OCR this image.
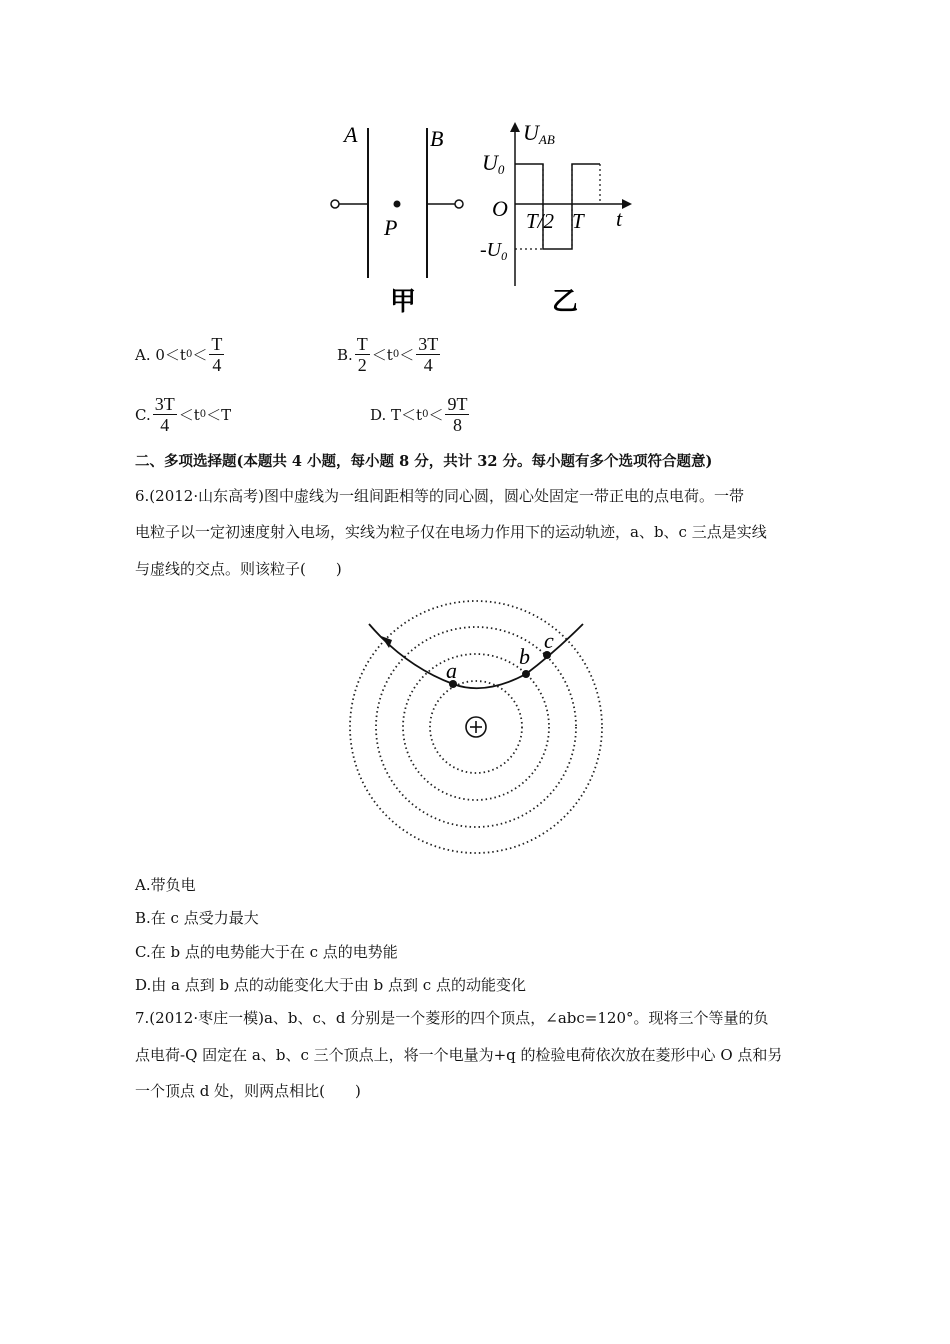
A	B
P
甲
UAB
U0
O T/2 T t
$-U_0$
乙
A. 0＜t $0 < \frac{T}{4}$	B. $\frac{T}{2} <t$ $0 < \frac{3T}{4}$
C. $\frac{3T}{4} <t$ 0 ＜T	D. T＜t $0 < \frac{9T}{8}$
二、多项选择题(本题共 4 小题，每小题 8 分，共计 32 分。每小题有多个选项符合题意)
6.(2012·山东高考)图中虚线为一组间距相等的同心圆，圆心处固定一带正电的点电荷。一带
电粒子以一定初速度射入电场，实线为粒子仅在电场力作用下的运动轨迹，a、b、c 三点是实线
与虚线的交点。则该粒子(　　)
a
b
c
A.带负电
B.在 c 点受力最大
C.在 b 点的电势能大于在 c 点的电势能
D.由 a 点到 b 点的动能变化大于由 b 点到 c 点的动能变化
7.(2012·枣庄一模)a、b、c、d 分别是一个菱形的四个顶点，∠abc=120°。现将三个等量的负
点电荷-Q 固定在 a、b、c 三个顶点上，将一个电量为+q 的检验电荷依次放在菱形中心 O 点和另
一个顶点 d 处，则两点相比(　　)
